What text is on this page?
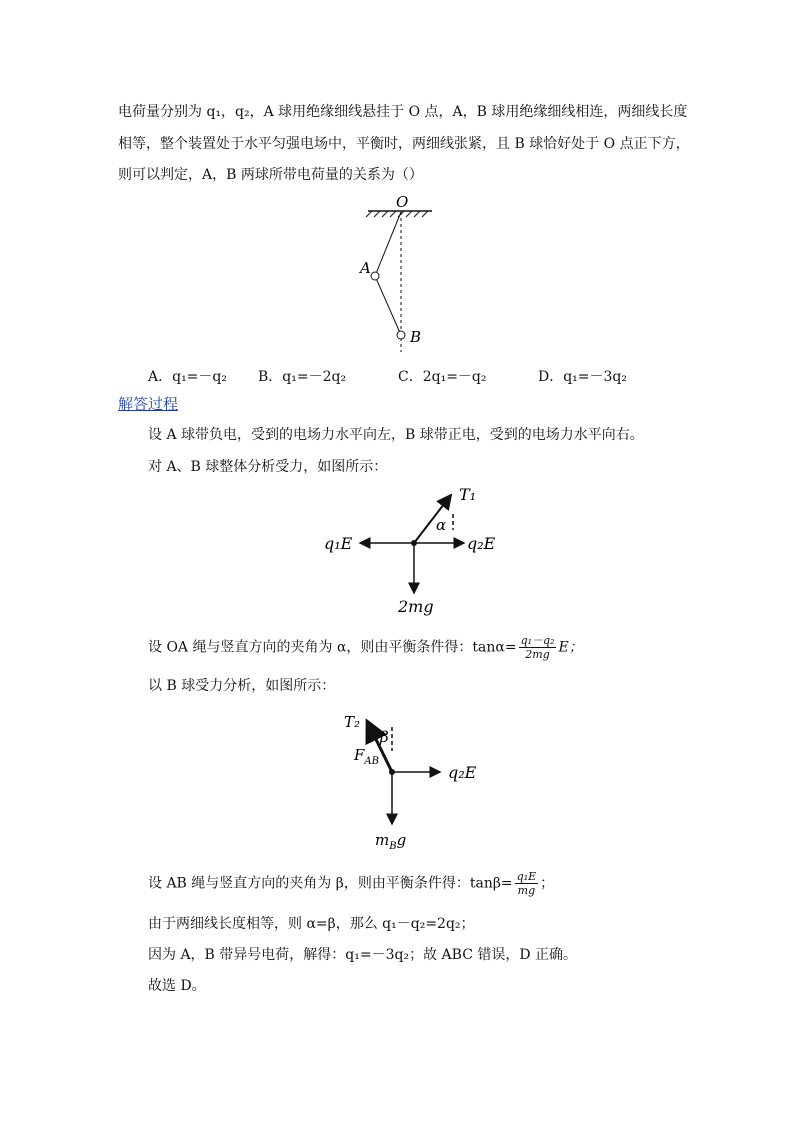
电荷量分别为 q₁，q₂，A 球用绝缘细线悬挂于 O 点，A，B 球用绝缘细线相连，两细线长度
相等，整个装置处于水平匀强电场中，平衡时，两细线张紧，且 B 球恰好处于 O 点正下方，
则可以判定，A，B 两球所带电荷量的关系为（）
O
A
B
A．q₁=－q₂ B．q₁=－2q₂	C．2q₁=－q₂	D．q₁=－3q₂
解答过程
设 A 球带负电，受到的电场力水平向左，B 球带正电，受到的电场力水平向右。
对 A、B 球整体分析受力，如图所示：
T₁
α
q₁E	q₂E
2mg
设 OA 绳与竖直方向的夹角为 α，则由平衡条件得：$\tan\alpha= \frac{\text{q₁－q₂}}{2mg}$ E；
以 B 球受力分析，如图所示：
T₂
β
$F_{AB}$
q₂E
$m_Bg$
设 AB 绳与竖直方向的夹角为 β，则由平衡条件得：$\tan\beta= \frac{\text{q₁E}}{mg}$ ；
由于两细线长度相等，则 α=β，那么 q₁－q₂=2q₂；
因为 A，B 带异号电荷，解得：q₁=－3q₂；故 ABC 错误，D 正确。
故选 D。
